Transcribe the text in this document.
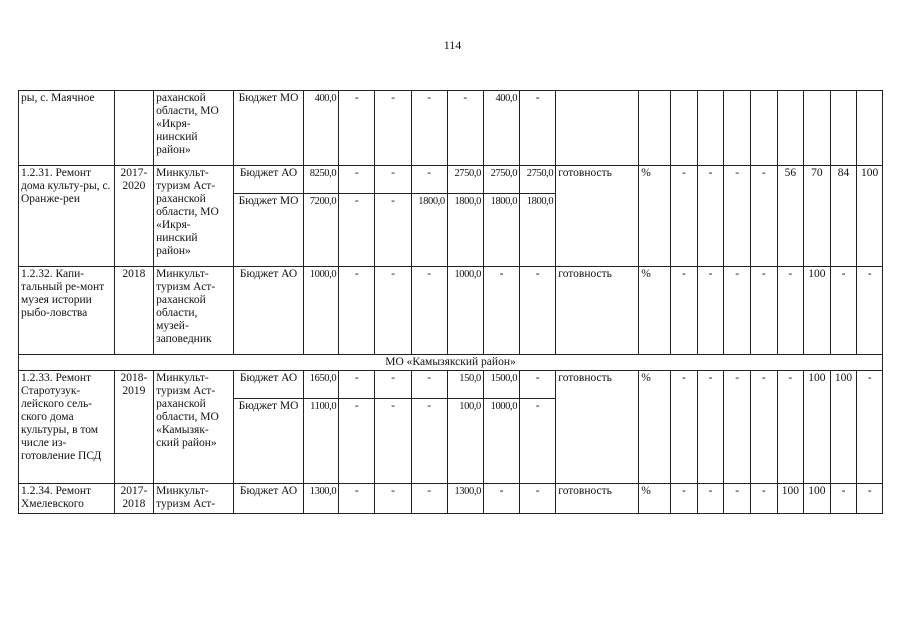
114
ры, с. Маячное		раханской области, МО «Икря-нинский район»	Бюджет МО	400,0	-	-	-	-	400,0	-										
1.2.31. Ремонт дома культу-ры, с. Оранже-реи	2017-2020	Минкульт-туризм Аст-раханской области, МО «Икря-нинский район»	Бюджет АО	8250,0	-	-	-	2750,0	2750,0	2750,0	готовность	%	-	-	-	-	56	70	84	100
			Бюджет МО	7200,0	-	-	1800,0	1800,0	1800,0	1800,0										
1.2.32. Капи-тальный ре-монт музея истории рыбо-ловства	2018	Минкульт-туризм Аст-раханской области, музей-заповедник	Бюджет АО	1000,0	-	-	-	1000,0	-	-	готовность	%	-	-	-	-	-	100	-	-
МО «Камызякский район»																				
1.2.33. Ремонт Старотузук-лейского сель-ского дома культуры, в том числе из-готовление ПСД	2018-2019	Минкульт-туризм Аст-раханской области, МО «Камызяк-ский район»	Бюджет АО	1650,0	-	-	-	150,0	1500,0	-	готовность	%	-	-	-	-	-	100	100	-
			Бюджет МО	1100,0	-	-	-	100,0	1000,0	-										
1.2.34. Ремонт Хмелевского	2017-2018	Минкульт-туризм Аст-	Бюджет АО	1300,0	-	-	-	1300,0	-	-	готовность	%	-	-	-	-	100	100	-	-
